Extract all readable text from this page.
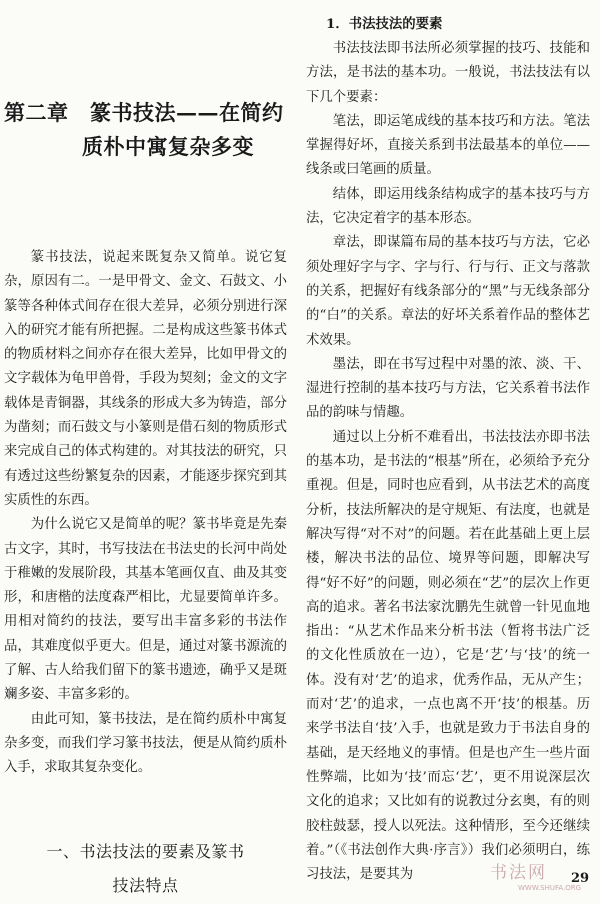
第二章　篆书技法——在简约
质朴中寓复杂多变

篆书技法，说起来既复杂又简单。说它复杂，原因有二。一是甲骨文、金文、石鼓文、小篆等各种体式间存在很大差异，必须分别进行深入的研究才能有所把握。二是构成这些篆书体式的物质材料之间亦存在很大差异，比如甲骨文的文字载体为龟甲兽骨，手段为契刻；金文的文字载体是青铜器，其线条的形成大多为铸造，部分为凿刻；而石鼓文与小篆则是借石刻的物质形式来完成自己的体式构建的。对其技法的研究，只有透过这些纷繁复杂的因素，才能逐步探究到其实质性的东西。

为什么说它又是简单的呢？篆书毕竟是先秦古文字，其时，书写技法在书法史的长河中尚处于稚嫩的发展阶段，其基本笔画仅直、曲及其变形，和唐楷的法度森严相比，尤显要简单许多。用相对简约的技法，要写出丰富多彩的书法作品，其难度似乎更大。但是，通过对篆书源流的了解、古人给我们留下的篆书遗迹，确乎又是斑斓多姿、丰富多彩的。

由此可知，篆书技法，是在简约质朴中寓复杂多变，而我们学习篆书技法，便是从简约质朴入手，求取其复杂变化。

一、书法技法的要素及篆书
技法特点
1．书法技法的要素

书法技法即书法所必须掌握的技巧、技能和方法，是书法的基本功。一般说，书法技法有以下几个要素：

笔法，即运笔成线的基本技巧和方法。笔法掌握得好坏，直接关系到书法最基本的单位——线条或曰笔画的质量。

结体，即运用线条结构成字的基本技巧与方法，它决定着字的基本形态。

章法，即谋篇布局的基本技巧与方法，它必须处理好字与字、字与行、行与行、正文与落款的关系，把握好有线条部分的“黑”与无线条部分的“白”的关系。章法的好坏关系着作品的整体艺术效果。

墨法，即在书写过程中对墨的浓、淡、干、湿进行控制的基本技巧与方法，它关系着书法作品的韵味与情趣。

通过以上分析不难看出，书法技法亦即书法的基本功，是书法的“根基”所在，必须给予充分重视。但是，同时也应看到，从书法艺术的高度分析，技法所解决的是守规矩、有法度，也就是解决写得“对不对”的问题。若在此基础上更上层楼，解决书法的品位、境界等问题，即解决写得“好不好”的问题，则必须在“艺”的层次上作更高的追求。著名书法家沈鹏先生就曾一针见血地指出：“从艺术作品来分析书法（暂将书法广泛的文化性质放在一边），它是‘艺’与‘技’的统一体。没有对‘艺’的追求，优秀作品，无从产生；而对‘艺’的追求，一点也离不开‘技’的根基。历来学书法自‘技’入手，也就是致力于书法自身的基础，是天经地义的事情。但是也产生一些片面性弊端，比如为‘技’而忘‘艺’，更不用说深层次文化的追求；又比如有的说教过分玄奥，有的则胶柱鼓瑟，授人以死法。这种情形，至今还继续着。”（《书法创作大典·序言》）我们必须明白，练习技法，是要其为	书法网
WWW.SHUFA.ORG
29
